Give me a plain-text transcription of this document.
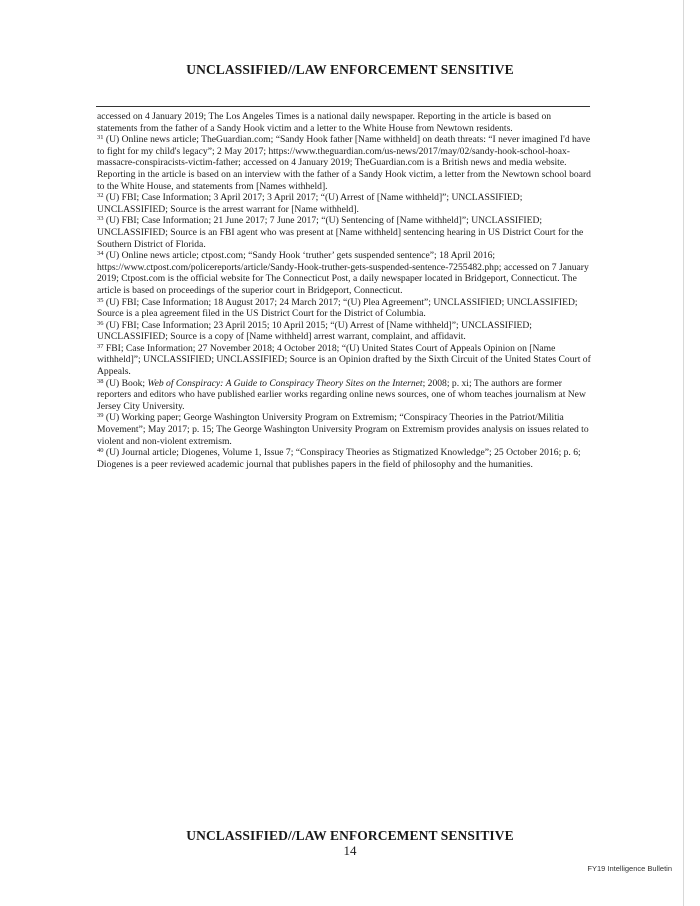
UNCLASSIFIED//LAW ENFORCEMENT SENSITIVE

accessed on 4 January 2019; The Los Angeles Times is a national daily newspaper. Reporting in the article is based on statements from the father of a Sandy Hook victim and a letter to the White House from Newtown residents.

$^{31}$ (U) Online news article; TheGuardian.com; “Sandy Hook father [Name withheld] on death threats: “I never imagined I'd have to fight for my child's legacy”; 2 May 2017; https://www.theguardian.com/us-news/2017/may/02/sandy-hook-school-hoax-massacre-conspiracists-victim-father; accessed on 4 January 2019; TheGuardian.com is a British news and media website. Reporting in the article is based on an interview with the father of a Sandy Hook victim, a letter from the Newtown school board to the White House, and statements from [Names withheld].

$^{32}$ (U) FBI; Case Information; 3 April 2017; 3 April 2017; “(U) Arrest of [Name withheld]”; UNCLASSIFIED; UNCLASSIFIED; Source is the arrest warrant for [Name withheld].

$^{33}$ (U) FBI; Case Information; 21 June 2017; 7 June 2017; “(U) Sentencing of [Name withheld]”; UNCLASSIFIED; UNCLASSIFIED; Source is an FBI agent who was present at [Name withheld] sentencing hearing in US District Court for the Southern District of Florida.

$^{34}$ (U) Online news article; ctpost.com; “Sandy Hook ‘truther’ gets suspended sentence”; 18 April 2016; https://www.ctpost.com/policereports/article/Sandy-Hook-truther-gets-suspended-sentence-7255482.php; accessed on 7 January 2019; Ctpost.com is the official website for The Connecticut Post, a daily newspaper located in Bridgeport, Connecticut. The article is based on proceedings of the superior court in Bridgeport, Connecticut.

$^{35}$ (U) FBI; Case Information; 18 August 2017; 24 March 2017; “(U) Plea Agreement”; UNCLASSIFIED; UNCLASSIFIED; Source is a plea agreement filed in the US District Court for the District of Columbia.

$^{36}$ (U) FBI; Case Information; 23 April 2015; 10 April 2015; “(U) Arrest of [Name withheld]”; UNCLASSIFIED; UNCLASSIFIED; Source is a copy of [Name withheld] arrest warrant, complaint, and affidavit.

$^{37}$ FBI; Case Information; 27 November 2018; 4 October 2018; “(U) United States Court of Appeals Opinion on [Name withheld]”; UNCLASSIFIED; UNCLASSIFIED; Source is an Opinion drafted by the Sixth Circuit of the United States Court of Appeals.

$^{38}$ (U) Book; Web of Conspiracy: A Guide to Conspiracy Theory Sites on the Internet; 2008; p. xi; The authors are former reporters and editors who have published earlier works regarding online news sources, one of whom teaches journalism at New Jersey City University.

$^{39}$ (U) Working paper; George Washington University Program on Extremism; “Conspiracy Theories in the Patriot/Militia Movement”; May 2017; p. 15; The George Washington University Program on Extremism provides analysis on issues related to violent and non-violent extremism.

$^{40}$ (U) Journal article; Diogenes, Volume 1, Issue 7; “Conspiracy Theories as Stigmatized Knowledge”; 25 October 2016; p. 6; Diogenes is a peer reviewed academic journal that publishes papers in the field of philosophy and the humanities.

UNCLASSIFIED//LAW ENFORCEMENT SENSITIVE
14
FY19 Intelligence Bulletin
